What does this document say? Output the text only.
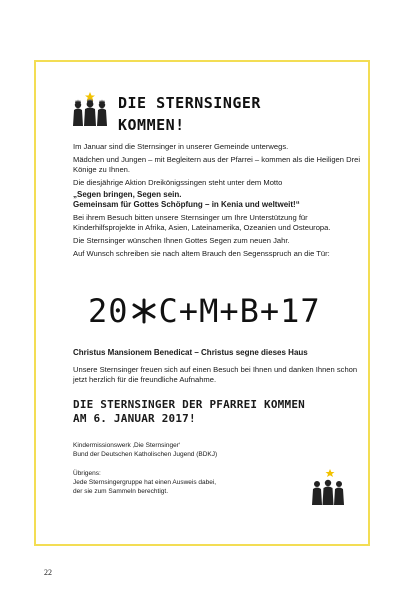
DIE STERNSINGER
KOMMEN!

Im Januar sind die Sternsinger in unserer Gemeinde unterwegs.

Mädchen und Jungen – mit Begleitern aus der Pfarrei – kommen als die Heiligen Drei Könige zu Ihnen.

Die diesjährige Aktion Dreikönigssingen steht unter dem Motto

„Segen bringen, Segen sein.

Gemeinsam für Gottes Schöpfung – in Kenia und weltweit!“

Bei ihrem Besuch bitten unsere Sternsinger um Ihre Unterstützung für Kinderhilfsprojekte in Afrika, Asien, Lateinamerika, Ozeanien und Osteuropa.

Die Sternsinger wünschen Ihnen Gottes Segen zum neuen Jahr.

Auf Wunsch schreiben sie nach altem Brauch den Segensspruch an die Tür:

20 C+M+B+ 17

Christus Mansionem Benedicat – Christus segne dieses Haus

Unsere Sternsinger freuen sich auf einen Besuch bei Ihnen und danken Ihnen schon jetzt herzlich für die freundliche Aufnahme.

DIE STERNSINGER DER PFARREI KOMMEN
AM 6. JANUAR 2017!
Kindermissionswerk ‚Die Sternsinger‘

Bund der Deutschen Katholischen Jugend (BDKJ)

Übrigens:
Jede Sternsingergruppe hat einen Ausweis dabei,
der sie zum Sammeln berechtigt.
22
